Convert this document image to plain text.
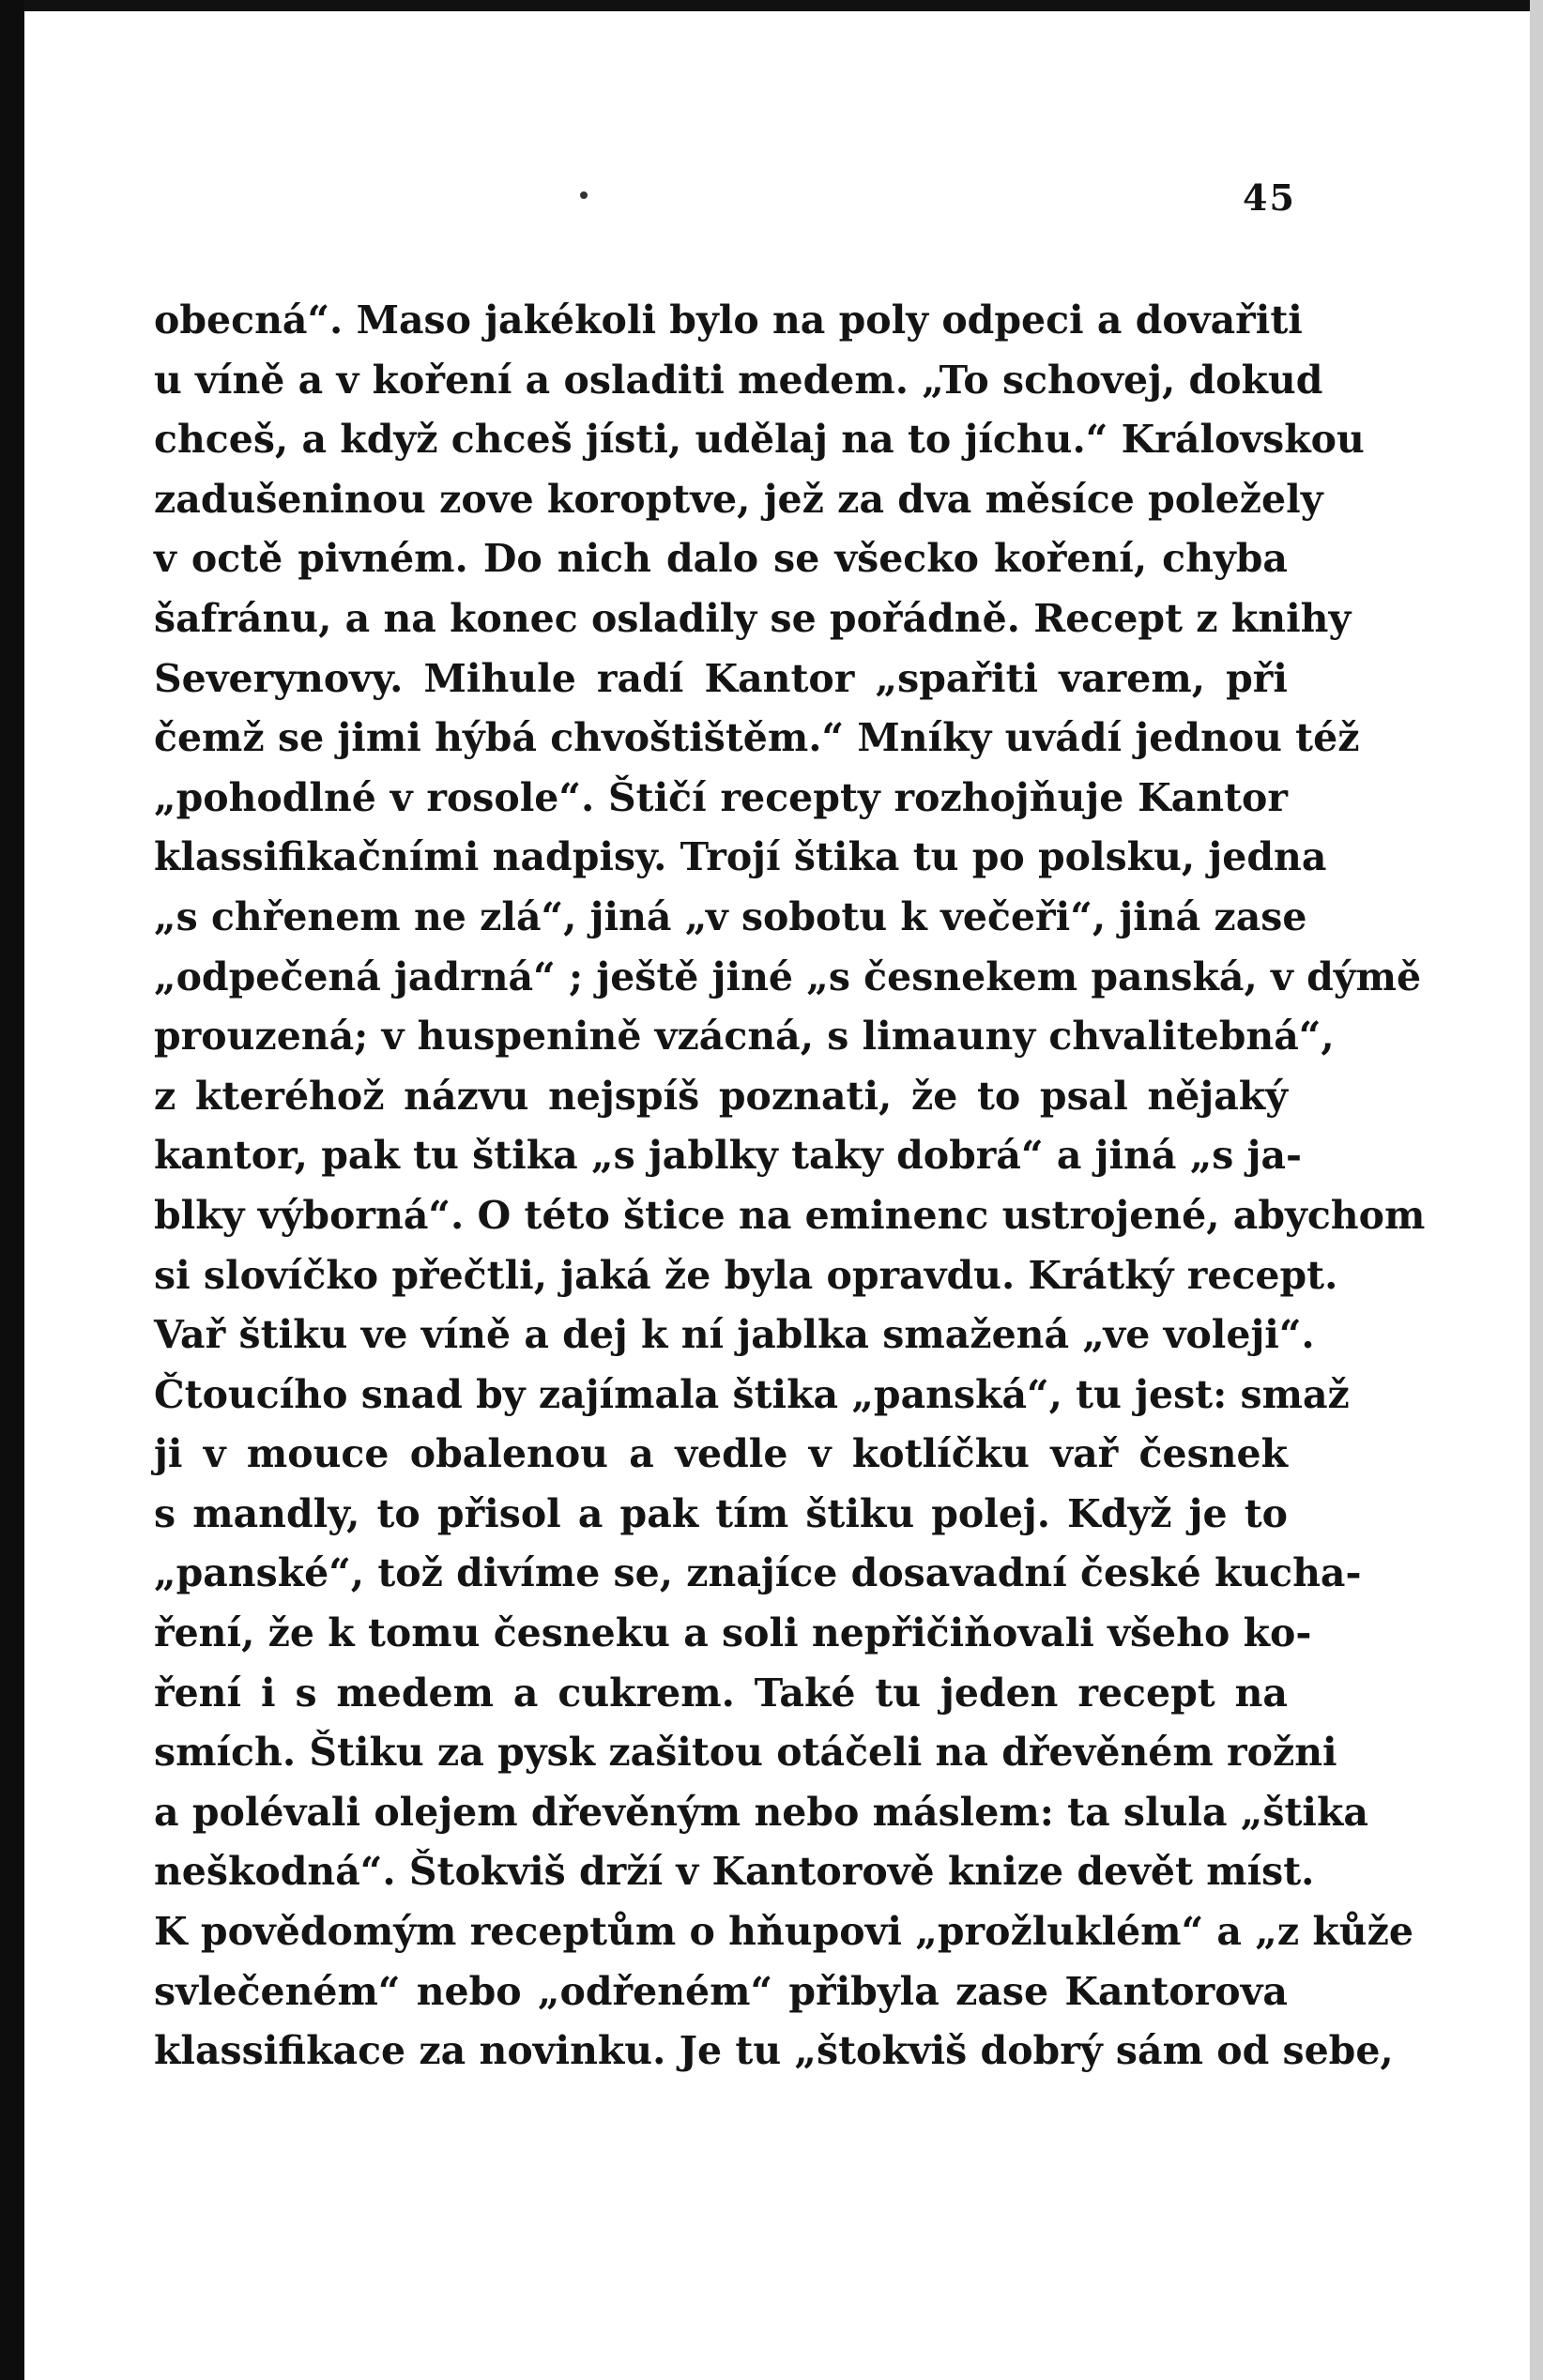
45
obecná“. Maso jakékoli bylo na poly odpeci a dovařiti
u víně a v koření a osladiti medem. „To schovej, dokud
chceš, a když chceš jísti, udělaj na to jíchu.“ Královskou
zadušeninou zove koroptve, jež za dva měsíce poležely
v octě pivném. Do nich dalo se všecko koření, chyba
šafránu, a na konec osladily se pořádně. Recept z knihy
Severynovy. Mihule radí Kantor „spařiti varem, při
čemž se jimi hýbá chvoštištěm.“ Mníky uvádí jednou též
„pohodlné v rosole“. Štičí recepty rozhojňuje Kantor
klassifikačními nadpisy. Trojí štika tu po polsku, jedna
„s chřenem ne zlá“, jiná „v sobotu k večeři“, jiná zase
„odpečená jadrná“ ; ještě jiné „s česnekem panská, v dýmě
prouzená; v huspenině vzácná, s limauny chvalitebná“,
z kteréhož názvu nejspíš poznati, že to psal nějaký
kantor, pak tu štika „s jablky taky dobrá“ a jiná „s ja-
blky výborná“. O této štice na eminenc ustrojené, abychom
si slovíčko přečtli, jaká že byla opravdu. Krátký recept.
Vař štiku ve víně a dej k ní jablka smažená „ve voleji“.
Čtoucího snad by zajímala štika „panská“, tu jest: smaž
ji v mouce obalenou a vedle v kotlíčku vař česnek
s mandly, to přisol a pak tím štiku polej. Když je to
„panské“, tož divíme se, znajíce dosavadní české kucha-
ření, že k tomu česneku a soli nepřičiňovali všeho ko-
ření i s medem a cukrem. Také tu jeden recept na
smích. Štiku za pysk zašitou otáčeli na dřevěném rožni
a polévali olejem dřevěným nebo máslem: ta slula „štika
neškodná“. Štokviš drží v Kantorově knize devět míst.
K povědomým receptům o hňupovi „prožluklém“ a „z kůže
svlečeném“ nebo „odřeném“ přibyla zase Kantorova
klassifikace za novinku. Je tu „štokviš dobrý sám od sebe,
